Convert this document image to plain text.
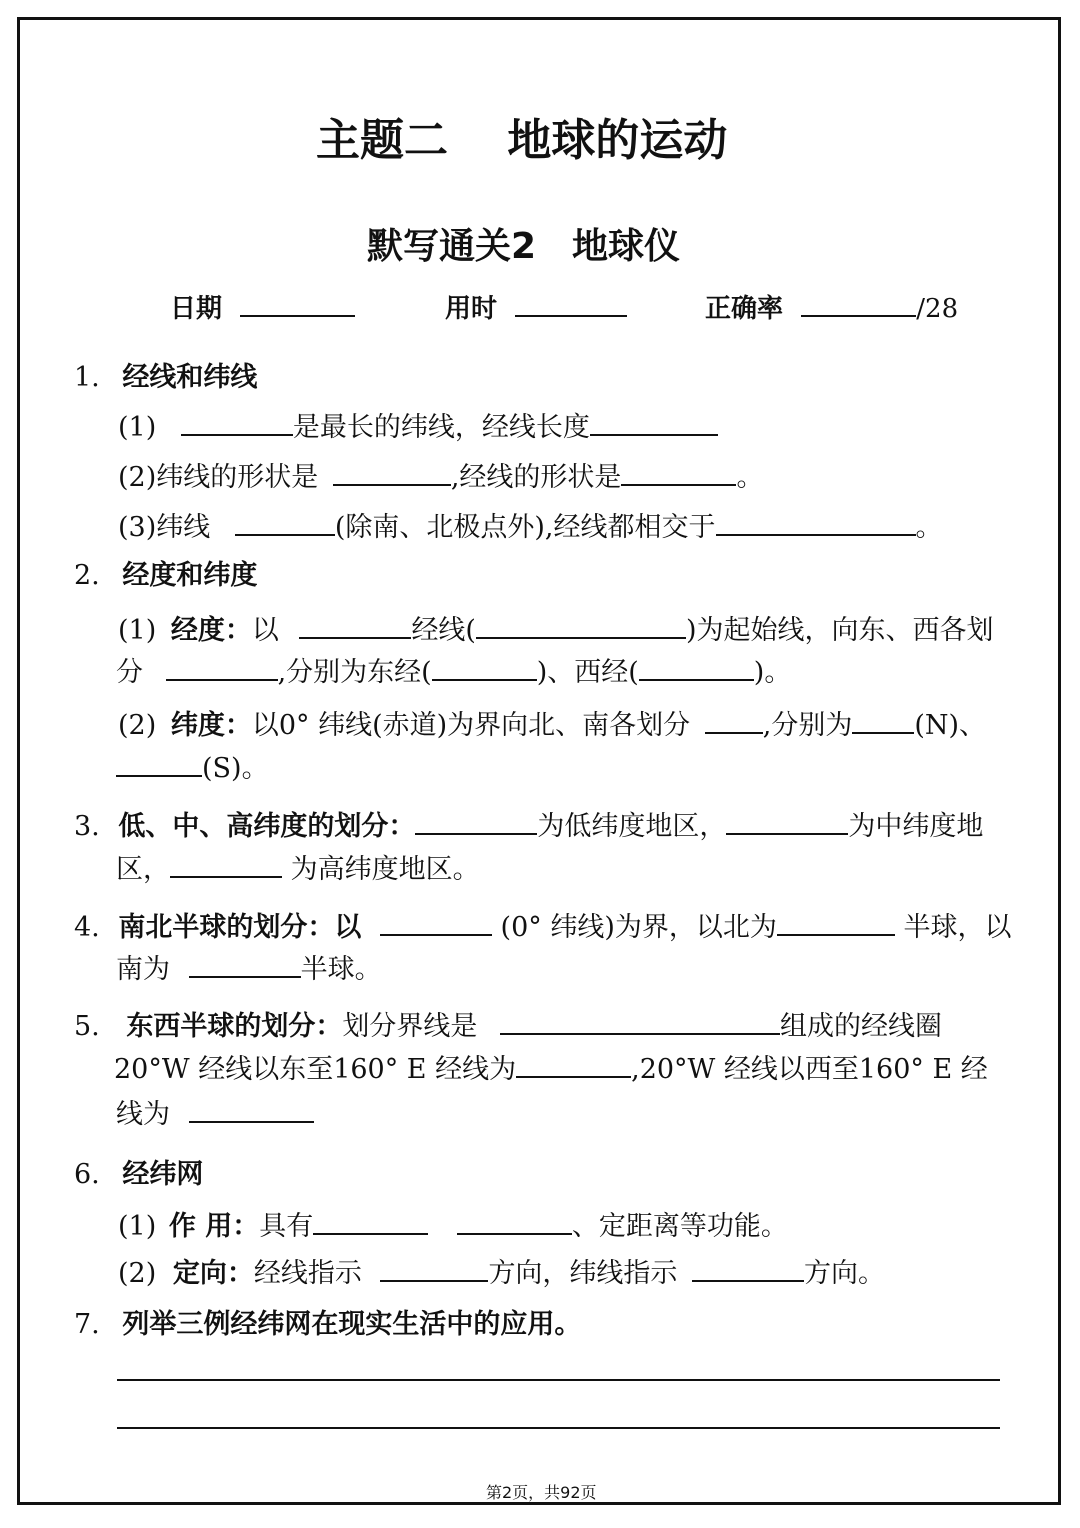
主题二　 地球的运动
默写通关2　地球仪
日期	用时	正确率	/28
1. 经线和纬线
(1)	是最长的纬线，经线长度
(2)纬线的形状是	,经线的形状是	。
(3)纬线	(除南、北极点外),经线都相交于	。
2. 经度和纬度
(1) 经度：以	经线(	)为起始线，向东、西各划
分	,分别为东经(	)、西经(	)。
(2) 纬度：以0° 纬线(赤道)为界向北、南各划分	,分别为 (N)、
(S)。
3. 低、中、高纬度的划分：	为低纬度地区，	为中纬度地
区，	为高纬度地区。
4. 南北半球的划分：以	(0° 纬线)为界，以北为	半球，以
南为	半球。
5. 东西半球的划分：划分界线是	组成的经线圈
20°W 经线以东至160° E 经线为	,20°W 经线以西至160° E 经
线为
6. 经纬网
(1) 作 用：具有	、定距离等功能。
(2) 定向：经线指示	方向，纬线指示	方向。
7. 列举三例经纬网在现实生活中的应用。
第2页，共92页
